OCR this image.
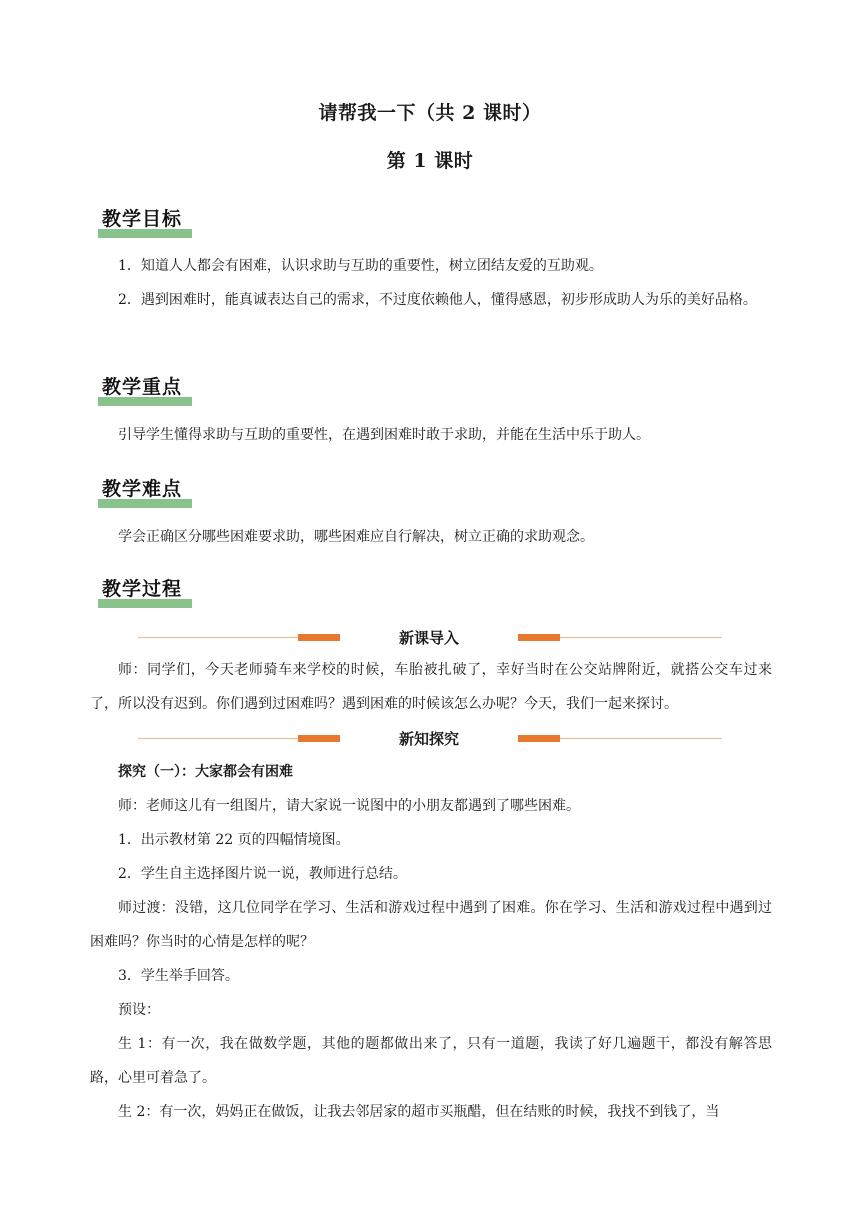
请帮我一下（共 2 课时）
第 1 课时
教学目标
1．知道人人都会有困难，认识求助与互助的重要性，树立团结友爱的互助观。
2．遇到困难时，能真诚表达自己的需求，不过度依赖他人，懂得感恩，初步形成助人为乐的美好品格。
教学重点
引导学生懂得求助与互助的重要性，在遇到困难时敢于求助，并能在生活中乐于助人。
教学难点
学会正确区分哪些困难要求助，哪些困难应自行解决，树立正确的求助观念。
教学过程
新课导入
师：同学们，今天老师骑车来学校的时候，车胎被扎破了，幸好当时在公交站牌附近，就搭公交车过来了，所以没有迟到。你们遇到过困难吗？遇到困难的时候该怎么办呢？今天，我们一起来探讨。
新知探究
探究（一）：大家都会有困难
师：老师这儿有一组图片，请大家说一说图中的小朋友都遇到了哪些困难。
1．出示教材第 22 页的四幅情境图。
2．学生自主选择图片说一说，教师进行总结。
师过渡：没错，这几位同学在学习、生活和游戏过程中遇到了困难。你在学习、生活和游戏过程中遇到过困难吗？你当时的心情是怎样的呢？
3．学生举手回答。
预设：
生 1：有一次，我在做数学题，其他的题都做出来了，只有一道题，我读了好几遍题干，都没有解答思路，心里可着急了。
生 2：有一次，妈妈正在做饭，让我去邻居家的超市买瓶醋，但在结账的时候，我找不到钱了，当
